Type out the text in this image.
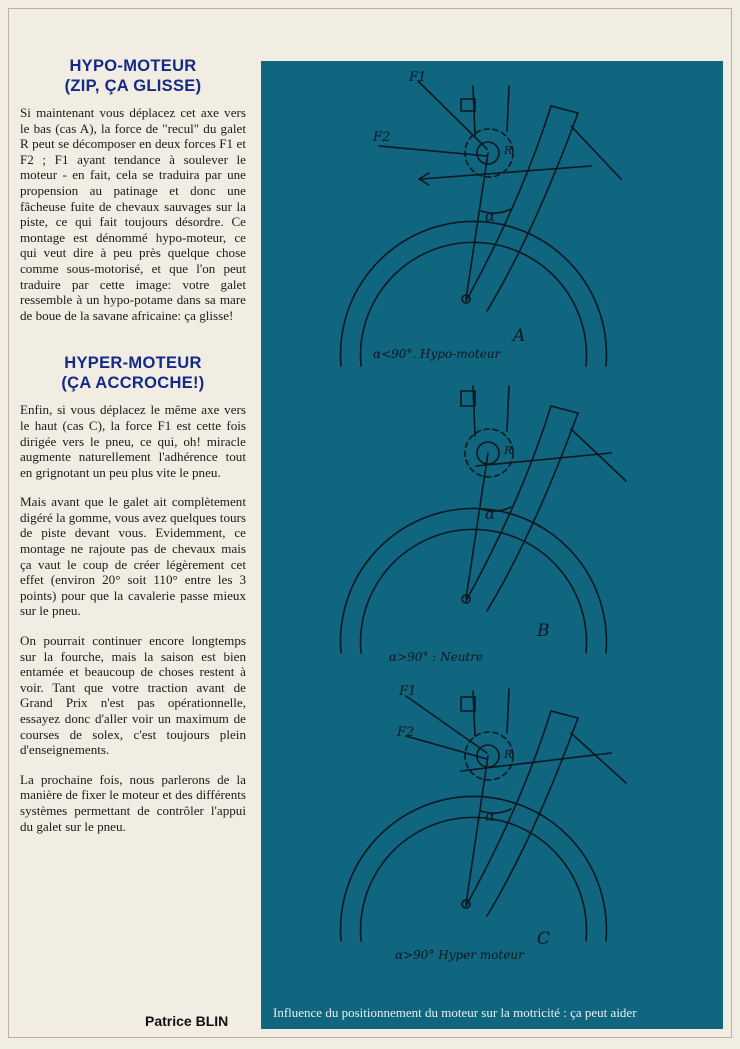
HYPO-MOTEUR
(ZIP, ÇA GLISSE)

Si maintenant vous déplacez cet axe vers le bas (cas A), la force de "recul" du galet R peut se décomposer en deux forces F1 et F2 ; F1 ayant tendance à soulever le moteur - en fait, cela se traduira par une propension au patinage et donc une fâcheuse fuite de chevaux sauvages sur la piste, ce qui fait toujours désordre. Ce montage est dénommé hypo-moteur, ce qui veut dire à peu près quelque chose comme sous-motorisé, et que l'on peut traduire par cette image: votre galet ressemble à un hypo-potame dans sa mare de boue de la savane africaine: ça glisse!

HYPER-MOTEUR
(ÇA ACCROCHE!)

Enfin, si vous déplacez le même axe vers le haut (cas C), la force F1 est cette fois dirigée vers le pneu, ce qui, oh! miracle augmente naturellement l'adhérence tout en grignotant un peu plus vite le pneu.

Mais avant que le galet ait complètement digéré la gomme, vous avez quelques tours de piste devant vous. Evidemment, ce montage ne rajoute pas de chevaux mais ça vaut le coup de créer légèrement cet effet (environ 20° soit 110° entre les 3 points) pour que la cavalerie passe mieux sur le pneu.

On pourrait continuer encore longtemps sur la fourche, mais la saison est bien entamée et beaucoup de choses restent à voir. Tant que votre traction avant de Grand Prix n'est pas opérationnelle, essayez donc d'aller voir un maximum de courses de solex, c'est toujours plein d'enseignements.

La prochaine fois, nous parlerons de la manière de fixer le moteur et des différents systèmes permettant de contrôler l'appui du galet sur le pneu.

Patrice BLIN
F1
F2
R
α
A
α<90°. Hypo-moteur
R
α
B
α>90° : Neutre
F1
F2
R
α
C
α>90° Hyper moteur
Influence du positionnement du moteur sur la motricité : ça peut aider
